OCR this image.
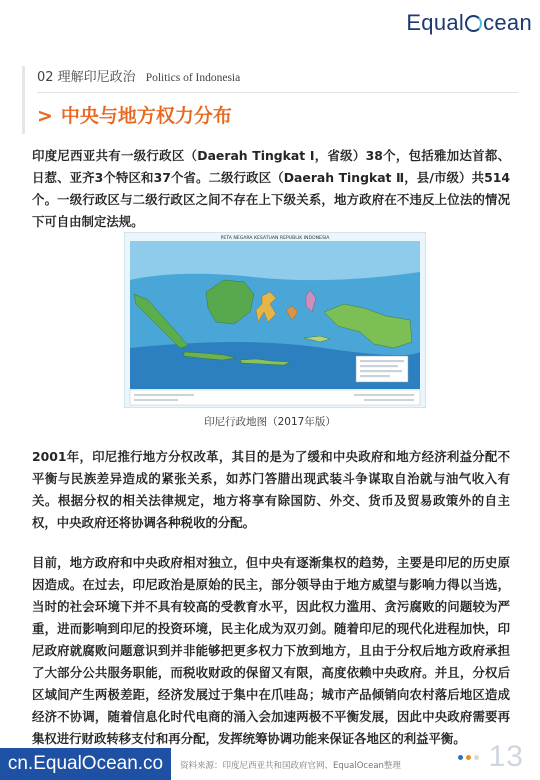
Equal cean
02 理解印尼政治 Politics of Indonesia
> 中央与地方权力分布

印度尼西亚共有一级行政区（Daerah Tingkat Ⅰ，省级）38个，包括雅加达首都、日惹、亚齐3个特区和37个省。二级行政区（Daerah Tingkat Ⅱ，县/市级）共514个。一级行政区与二级行政区之间不存在上下级关系，地方政府在不违反上位法的情况下可自由制定法规。

PETA NEGARA KESATUAN REPUBLIK INDONESIA
印尼行政地图（2017年版）

2001年，印尼推行地方分权改革，其目的是为了缓和中央政府和地方经济利益分配不平衡与民族差异造成的紧张关系，如苏门答腊出现武装斗争谋取自治就与油气收入有关。根据分权的相关法律规定，地方将享有除国防、外交、货币及贸易政策外的自主权，中央政府还将协调各种税收的分配。

目前，地方政府和中央政府相对独立，但中央有逐渐集权的趋势，主要是印尼的历史原因造成。在过去，印尼政治是原始的民主，部分领导由于地方威望与影响力得以当选，当时的社会环境下并不具有较高的受教育水平，因此权力滥用、贪污腐败的问题较为严重，进而影响到印尼的投资环境，民主化成为双刃剑。随着印尼的现代化进程加快，印尼政府就腐败问题意识到并非能够把更多权力下放到地方，且由于分权后地方政府承担了大部分公共服务职能，而税收财政的保留又有限，高度依赖中央政府。并且，分权后区域间产生两极差距，经济发展过于集中在爪哇岛；城市产品倾销向农村落后地区造成经济不协调，随着信息化时代电商的涌入会加速两极不平衡发展，因此中央政府需要再集权进行财政转移支付和再分配，发挥统筹协调功能来保证各地区的利益平衡。

cn.EqualOcean.co	资料来源：印度尼西亚共和国政府官网、EqualOcean整理	13
